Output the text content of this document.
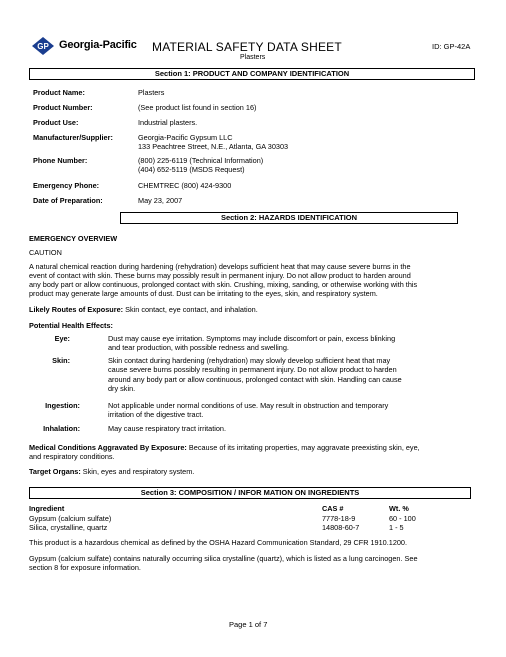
GP Georgia-Pacific MATERIAL SAFETY DATA SHEET
Plasters
ID: GP-42A
Section 1: PRODUCT AND COMPANY IDENTIFICATION
Product Name:	Plasters
Product Number:	(See product list found in section 16)
Product Use:	Industrial plasters.
Manufacturer/Supplier:	Georgia-Pacific Gypsum LLC
133 Peachtree Street, N.E., Atlanta, GA 30303
Phone Number:	(800) 225-6119 (Technical Information)
(404) 652-5119 (MSDS Request)
Emergency Phone:	CHEMTREC (800) 424-9300
Date of Preparation:	May 23, 2007
Section 2: HAZARDS IDENTIFICATION
EMERGENCY OVERVIEW
CAUTION
A natural chemical reaction during hardening (rehydration) develops sufficient heat that may cause severe burns in the
event of contact with skin. These burns may possibly result in permanent injury. Do not allow product to harden around
any body part or allow continuous, prolonged contact with skin. Crushing, mixing, sanding, or otherwise working with this
product may generate large amounts of dust. Dust can be irritating to the eyes, skin, and respiratory system.
Likely Routes of Exposure: Skin contact, eye contact, and inhalation.
Potential Health Effects:
Eye:	Dust may cause eye irritation. Symptoms may include discomfort or pain, excess blinking
and tear production, with possible redness and swelling.
Skin:	Skin contact during hardening (rehydration) may slowly develop sufficient heat that may
cause severe burns possibly resulting in permanent injury. Do not allow product to harden
around any body part or allow continuous, prolonged contact with skin. Handling can cause
dry skin.
Ingestion:	Not applicable under normal conditions of use. May result in obstruction and temporary
irritation of the digestive tract.
Inhalation:	May cause respiratory tract irritation.
Medical Conditions Aggravated By Exposure: Because of its irritating properties, may aggravate preexisting skin, eye,
and respiratory conditions.
Target Organs: Skin, eyes and respiratory system.
Section 3: COMPOSITION / INFOR MATION ON INGREDIENTS
Ingredient	CAS #	Wt. %
Gypsum (calcium sulfate)	7778-18-9	60 - 100
Silica, crystalline, quartz	14808-60-7	1 - 5
This product is a hazardous chemical as defined by the OSHA Hazard Communication Standard, 29 CFR 1910.1200.
Gypsum (calcium sulfate) contains naturally occurring silica crystalline (quartz), which is listed as a lung carcinogen. See
section 8 for exposure information.
Page 1 of 7
